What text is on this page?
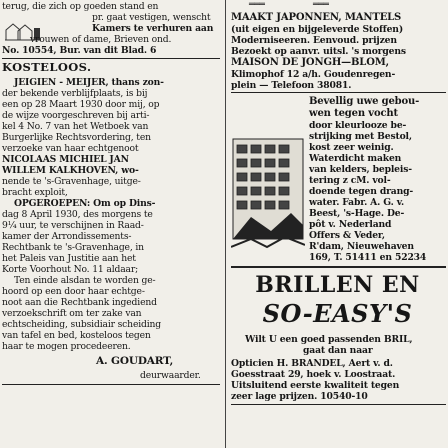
terug, die zich op goeden stand en
pr. gaat vestigen, wenscht
Kamers te verhuren aan
vrouwen of dame, Brieven ond.
No. 10554, Bur. van dit Blad. 6
KOSTELOOS.
JEIGIEN - MEIJER, thans zon-
der bekende verblijfplaats, is bij
een op 28 Maart 1930 door mij, op
de wijze voorgeschreven bij arti-
kel 4 No. 7 van het Wetboek van
Burgerlijke Rechtsvordering, ten
verzoeke van haar echtgenoot
NICOLAAS MICHIEL JAN
WILLEM KALKHOVEN, wo-
nende te 's-Gravenhage, uitge-
bracht exploit,
OPGEROEPEN: Om op Dins-
dag 8 April 1930, des morgens te
9¼ uur, te verschijnen in Raad-
kamer der Arrondissements-
Rechtbank te 's-Gravenhage, in
het Paleis van Justitie aan het
Korte Voorhout No. 11 aldaar;
Ten einde alsdan te worden ge-
hoord op een door haar echtge-
noot aan die Rechtbank ingediend
verzoekschrift om ter zake van
echtscheiding, subsidiair scheiding
van tafel en bed, kosteloos tegen
haar te mogen procedeeren.
A. GOUDART,
deurwaarder.
═══	═══
MAAKT JAPONNEN, MANTELS
(uit eigen en bijgeleverde Stoffen)
Moderniseeren. Eenvoud. prijzen
Bezoekt op aanvr. uitsl. 's morgens
MAISON DE JONGH—BLOM,
Klimophof 12 a/h. Goudenregen-
plein — Telefoon 38081.
Bevellig uwe gebou-
wen tegen vocht
door kleurlooze be-
strijking met Bestol,
kost zeer weinig.
Waterdicht maken
van kelders, bepleis-
tering z cM. vol-
doende tegen drang-
water. Fabr. A. G. v.
Beest, 's-Hage. De-
pôt v. Nederland
Offers & Veder,
R'dam, Nieuwehaven
169, T. 51411 en 52234
BRILLEN EN
SO-EASY'S
Wilt U een goed passenden BRIL,
gaat dan naar
Opticien H. BRANDEL, Aert v. d.
Goesstraat 29, hoek v. Loostraat.
Uitsluitend eerste kwaliteit tegen
zeer lage prijzen. 10540-10
